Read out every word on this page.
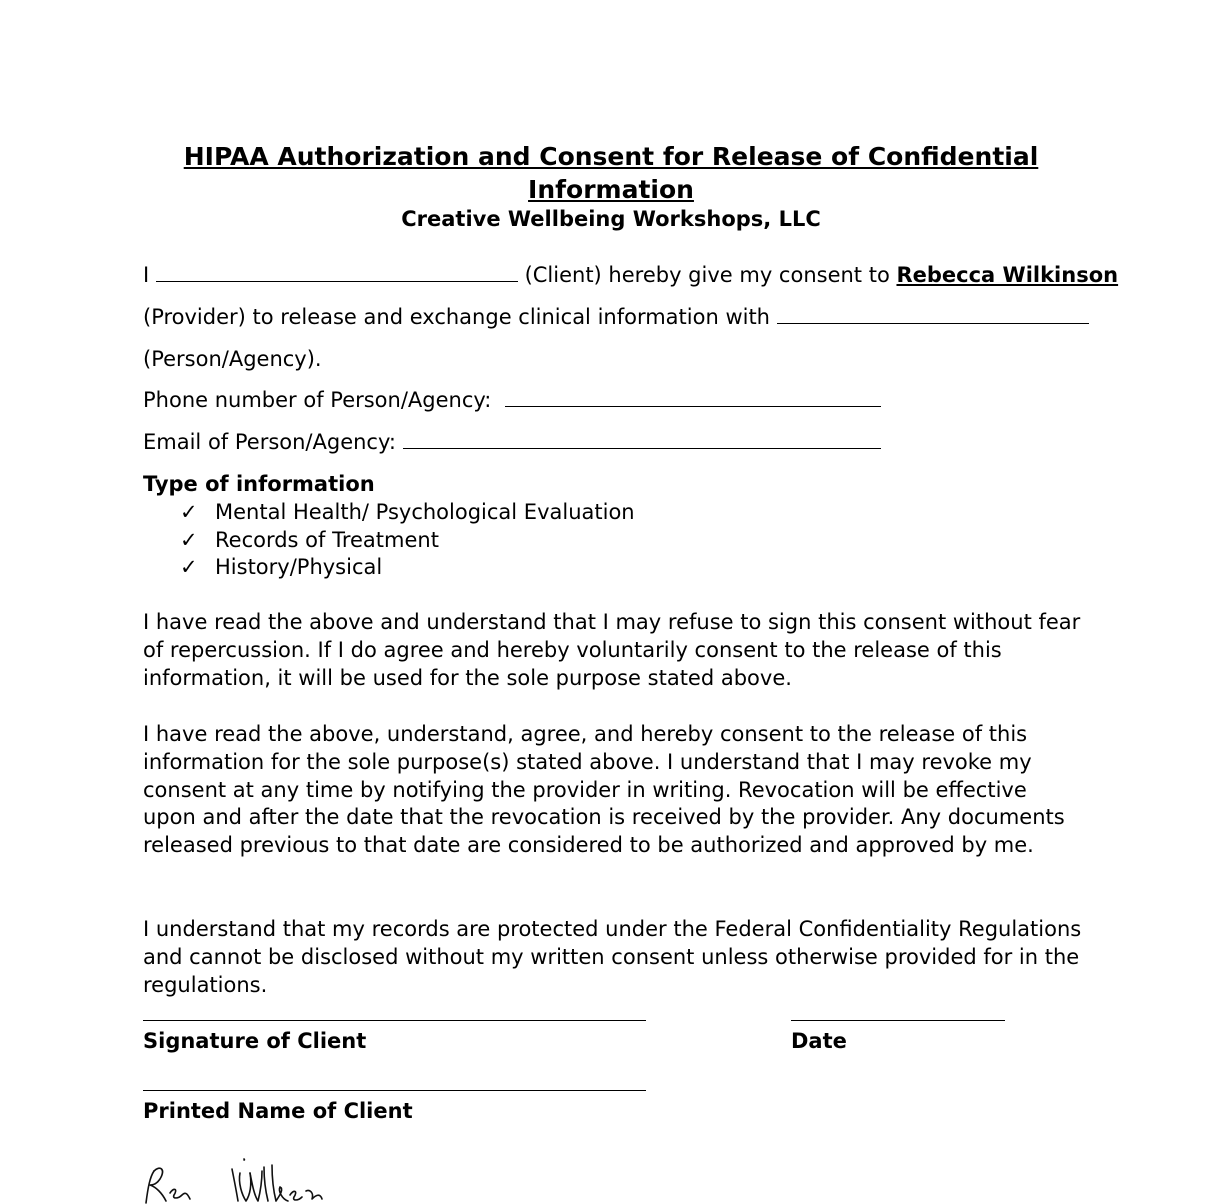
HIPAA Authorization and Consent for Release of Confidential
Information
Creative Wellbeing Workshops, LLC
I	(Client) hereby give my consent to Rebecca Wilkinson
(Provider) to release and exchange clinical information with
(Person/Agency).
Phone number of Person/Agency:
Email of Person/Agency:
Type of information
✓ Mental Health/ Psychological Evaluation
✓ Records of Treatment
✓ History/Physical
I have read the above and understand that I may refuse to sign this consent without fear of repercussion. If I do agree and hereby voluntarily consent to the release of this information, it will be used for the sole purpose stated above.
I have read the above, understand, agree, and hereby consent to the release of this information for the sole purpose(s) stated above. I understand that I may revoke my consent at any time by notifying the provider in writing. Revocation will be effective upon and after the date that the revocation is received by the provider. Any documents released previous to that date are considered to be authorized and approved by me.
I understand that my records are protected under the Federal Confidentiality Regulations and cannot be disclosed without my written consent unless otherwise provided for in the regulations.
Signature of Client	Date
Printed Name of Client
